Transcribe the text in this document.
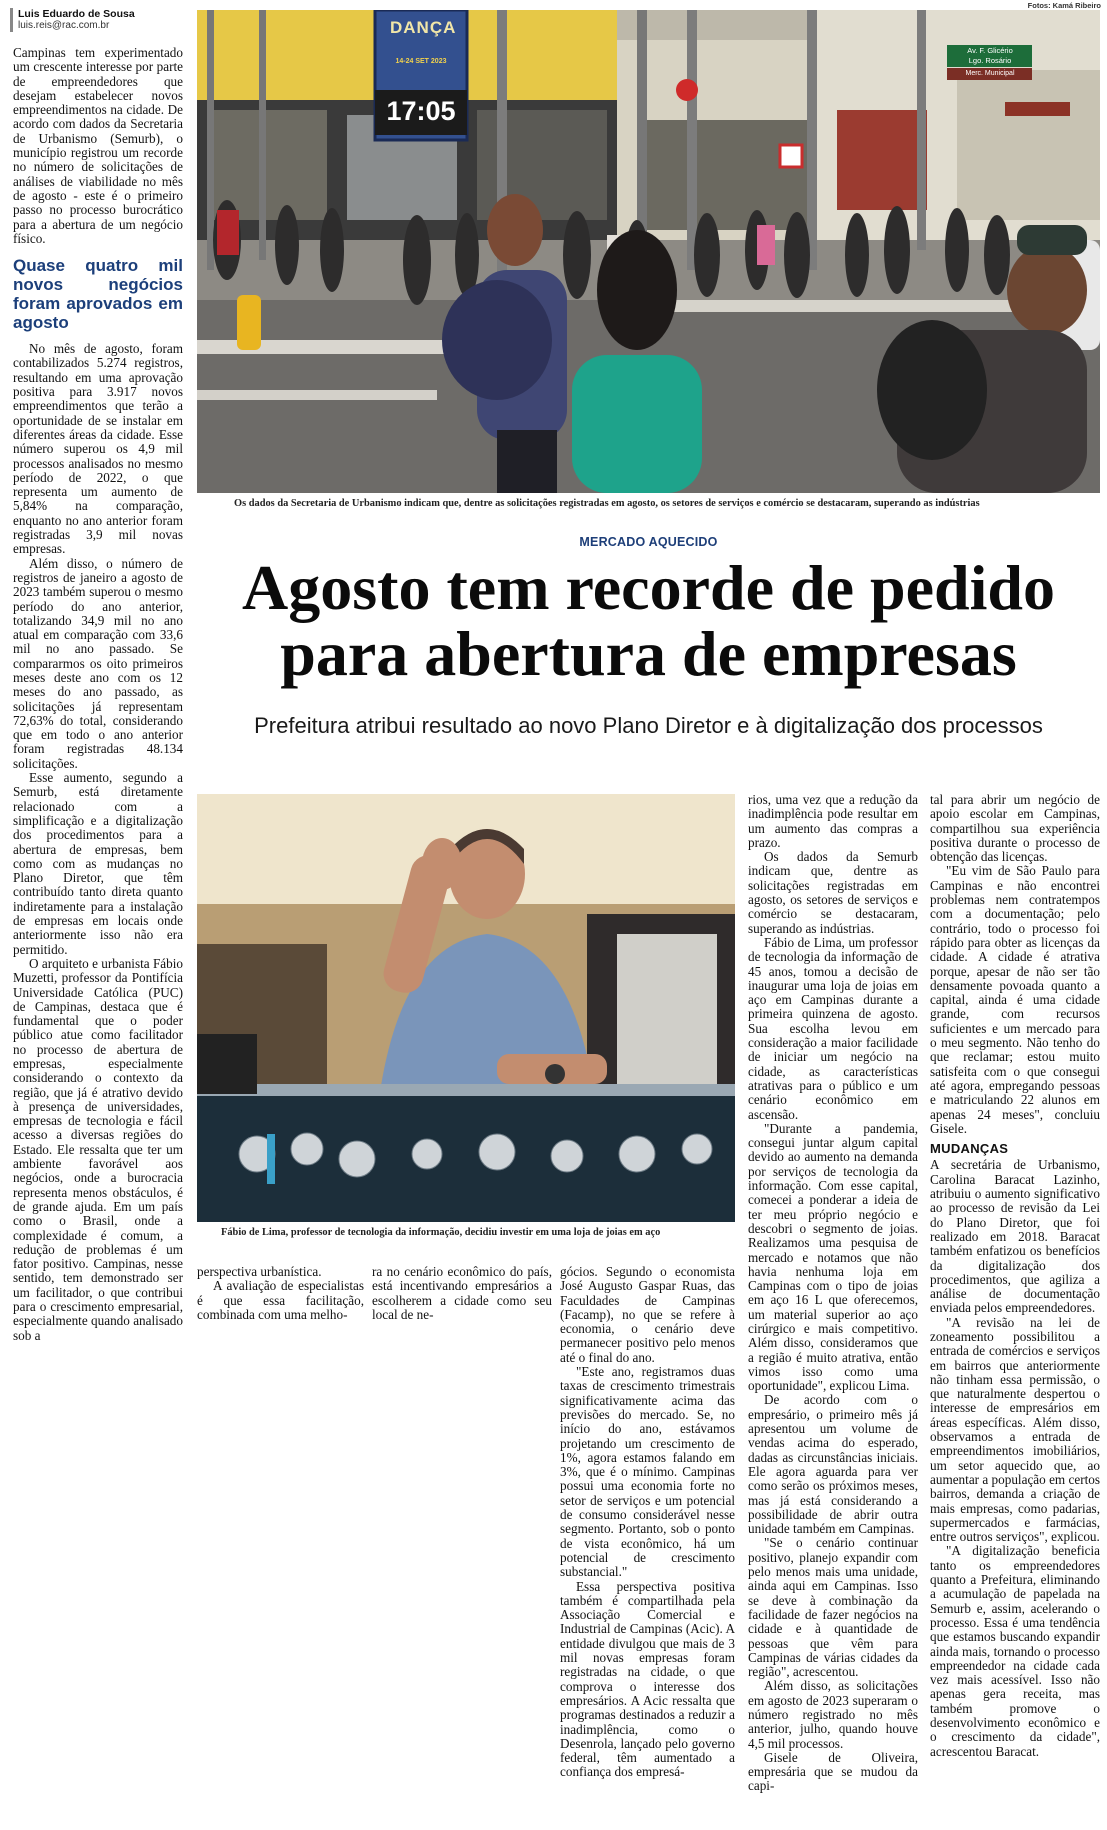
Luis Eduardo de Sousa
luis.reis@rac.com.br
Fotos: Kamá Ribeiro
DANÇA
14-24 SET 2023
17:05
Av. F. Glicério
Lgo. Rosário
Merc. Municipal
Os dados da Secretaria de Urbanismo indicam que, dentre as solicitações registradas em agosto, os setores de serviços e comércio se destacaram, superando as indústrias
MERCADO AQUECIDO
Agosto tem recorde de pedido
para abertura de empresas
Prefeitura atribui resultado ao novo Plano Diretor e à digitalização dos processos

Campinas tem experimentado um crescente interesse por parte de empreendedores que desejam estabelecer novos empreendimentos na cidade. De acordo com dados da Secretaria de Urbanismo (Semurb), o município registrou um recorde no número de solicitações de análises de viabilidade no mês de agosto - este é o primeiro passo no processo burocrático para a abertura de um negócio físico.

Quase quatro mil novos negócios foram aprovados em agosto

No mês de agosto, foram contabilizados 5.274 registros, resultando em uma aprovação positiva para 3.917 novos empreendimentos que terão a oportunidade de se instalar em diferentes áreas da cidade. Esse número superou os 4,9 mil processos analisados no mesmo período de 2022, o que representa um aumento de 5,84% na comparação, enquanto no ano anterior foram registradas 3,9 mil novas empresas.

Além disso, o número de registros de janeiro a agosto de 2023 também superou o mesmo período do ano anterior, totalizando 34,9 mil no ano atual em comparação com 33,6 mil no ano passado. Se compararmos os oito primeiros meses deste ano com os 12 meses do ano passado, as solicitações já representam 72,63% do total, considerando que em todo o ano anterior foram registradas 48.134 solicitações.

Esse aumento, segundo a Semurb, está diretamente relacionado com a simplificação e a digitalização dos procedimentos para a abertura de empresas, bem como com as mudanças no Plano Diretor, que têm contribuído tanto direta quanto indiretamente para a instalação de empresas em locais onde anteriormente isso não era permitido.

O arquiteto e urbanista Fábio Muzetti, professor da Pontifícia Universidade Católica (PUC) de Campinas, destaca que é fundamental que o poder público atue como facilitador no processo de abertura de empresas, especialmente considerando o contexto da região, que já é atrativo devido à presença de universidades, empresas de tecnologia e fácil acesso a diversas regiões do Estado. Ele ressalta que ter um ambiente favorável aos negócios, onde a burocracia representa menos obstáculos, é de grande ajuda. Em um país como o Brasil, onde a complexidade é comum, a redução de problemas é um fator positivo. Campinas, nesse sentido, tem demonstrado ser um facilitador, o que contribui para o crescimento empresarial, especialmente quando analisado sob a

Fábio de Lima, professor de tecnologia da informação, decidiu investir em uma loja de joias em aço

perspectiva urbanística.

A avaliação de especialistas é que essa facilitação, combinada com uma melho-

ra no cenário econômico do país, está incentivando empresários a escolherem a cidade como seu local de ne-

gócios. Segundo o economista José Augusto Gaspar Ruas, das Faculdades de Campinas (Facamp), no que se refere à economia, o cenário deve permanecer positivo pelo menos até o final do ano.

"Este ano, registramos duas taxas de crescimento trimestrais significativamente acima das previsões do mercado. Se, no início do ano, estávamos projetando um crescimento de 1%, agora estamos falando em 3%, que é o mínimo. Campinas possui uma economia forte no setor de serviços e um potencial de consumo considerável nesse segmento. Portanto, sob o ponto de vista econômico, há um potencial de crescimento substancial."

Essa perspectiva positiva também é compartilhada pela Associação Comercial e Industrial de Campinas (Acic). A entidade divulgou que mais de 3 mil novas empresas foram registradas na cidade, o que comprova o interesse dos empresários. A Acic ressalta que programas destinados a reduzir a inadimplência, como o Desenrola, lançado pelo governo federal, têm aumentado a confiança dos empresá-

rios, uma vez que a redução da inadimplência pode resultar em um aumento das compras a prazo.

Os dados da Semurb indicam que, dentre as solicitações registradas em agosto, os setores de serviços e comércio se destacaram, superando as indústrias.

Fábio de Lima, um professor de tecnologia da informação de 45 anos, tomou a decisão de inaugurar uma loja de joias em aço em Campinas durante a primeira quinzena de agosto. Sua escolha levou em consideração a maior facilidade de iniciar um negócio na cidade, as características atrativas para o público e um cenário econômico em ascensão.

"Durante a pandemia, consegui juntar algum capital devido ao aumento na demanda por serviços de tecnologia da informação. Com esse capital, comecei a ponderar a ideia de ter meu próprio negócio e descobri o segmento de joias. Realizamos uma pesquisa de mercado e notamos que não havia nenhuma loja em Campinas com o tipo de joias em aço 16 L que oferecemos, um material superior ao aço cirúrgico e mais competitivo. Além disso, consideramos que a região é muito atrativa, então vimos isso como uma oportunidade", explicou Lima.

De acordo com o empresário, o primeiro mês já apresentou um volume de vendas acima do esperado, dadas as circunstâncias iniciais. Ele agora aguarda para ver como serão os próximos meses, mas já está considerando a possibilidade de abrir outra unidade também em Campinas.

"Se o cenário continuar positivo, planejo expandir com pelo menos mais uma unidade, ainda aqui em Campinas. Isso se deve à combinação da facilidade de fazer negócios na cidade e à quantidade de pessoas que vêm para Campinas de várias cidades da região", acrescentou.

Além disso, as solicitações em agosto de 2023 superaram o número registrado no mês anterior, julho, quando houve 4,5 mil processos.

Gisele de Oliveira, empresária que se mudou da capi-

tal para abrir um negócio de apoio escolar em Campinas, compartilhou sua experiência positiva durante o processo de obtenção das licenças.

"Eu vim de São Paulo para Campinas e não encontrei problemas nem contratempos com a documentação; pelo contrário, todo o processo foi rápido para obter as licenças da cidade. A cidade é atrativa porque, apesar de não ser tão densamente povoada quanto a capital, ainda é uma cidade grande, com recursos suficientes e um mercado para o meu segmento. Não tenho do que reclamar; estou muito satisfeita com o que consegui até agora, empregando pessoas e matriculando 22 alunos em apenas 24 meses", concluiu Gisele.

MUDANÇAS

A secretária de Urbanismo, Carolina Baracat Lazinho, atribuiu o aumento significativo ao processo de revisão da Lei do Plano Diretor, que foi realizado em 2018. Baracat também enfatizou os benefícios da digitalização dos procedimentos, que agiliza a análise de documentação enviada pelos empreendedores.

"A revisão na lei de zoneamento possibilitou a entrada de comércios e serviços em bairros que anteriormente não tinham essa permissão, o que naturalmente despertou o interesse de empresários em áreas específicas. Além disso, observamos a entrada de empreendimentos imobiliários, um setor aquecido que, ao aumentar a população em certos bairros, demanda a criação de mais empresas, como padarias, supermercados e farmácias, entre outros serviços", explicou.

"A digitalização beneficia tanto os empreendedores quanto a Prefeitura, eliminando a acumulação de papelada na Semurb e, assim, acelerando o processo. Essa é uma tendência que estamos buscando expandir ainda mais, tornando o processo empreendedor na cidade cada vez mais acessível. Isso não apenas gera receita, mas também promove o desenvolvimento econômico e o crescimento da cidade", acrescentou Baracat.
